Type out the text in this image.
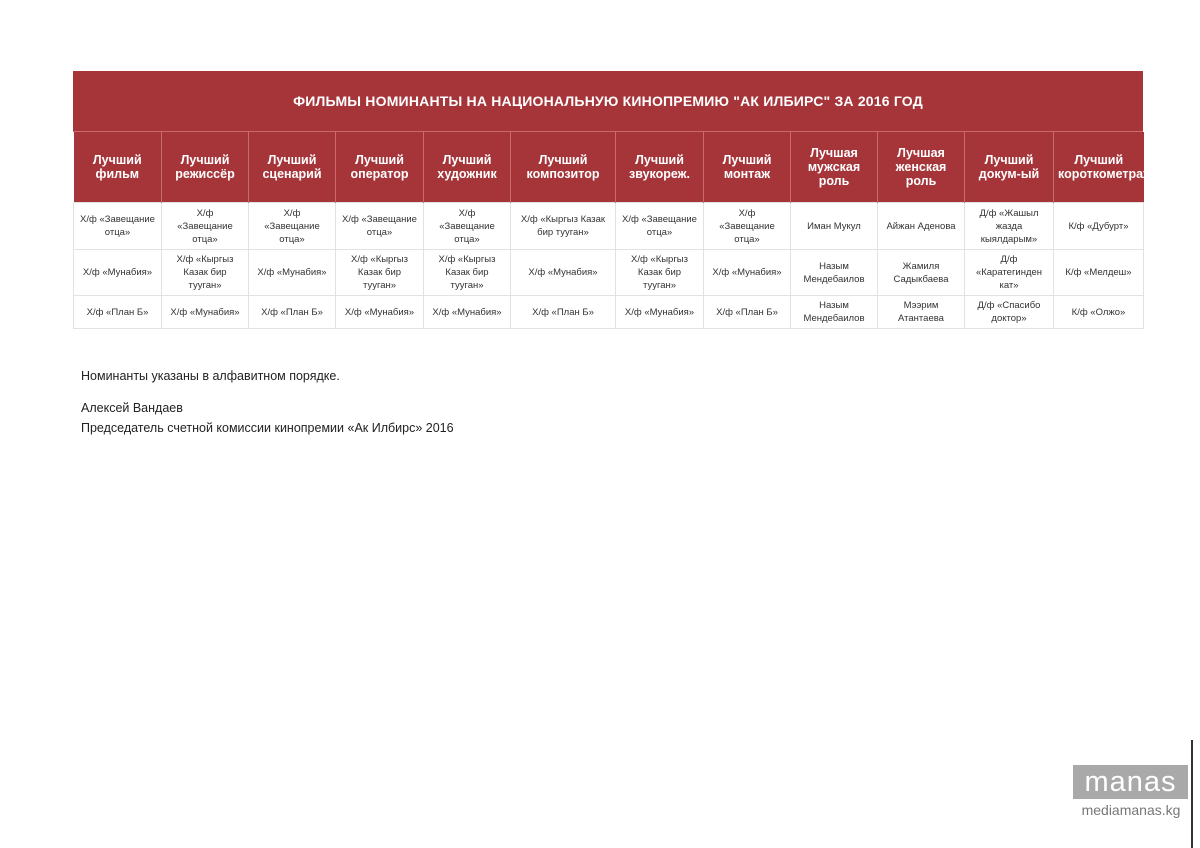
ФИЛЬМЫ НОМИНАНТЫ НА НАЦИОНАЛЬНУЮ КИНОПРЕМИЮ "АК ИЛБИРС" ЗА 2016 ГОД
Лучший фильм	Лучший режиссёр	Лучший сценарий	Лучший оператор	Лучший художник	Лучший композитор	Лучший звукореж.	Лучший монтаж	Лучшая мужская роль	Лучшая женская роль	Лучший докум-ый	Лучший короткометражный
Х/ф «Завещание отца»	Х/ф «Завещание отца»	Х/ф «Завещание отца»	Х/ф «Завещание отца»	Х/ф «Завещание отца»	Х/ф «Кыргыз Казак бир тууган»	Х/ф «Завещание отца»	Х/ф «Завещание отца»	Иман Мукул	Айжан Аденова	Д/ф «Жашыл жазда кыялдарым»	К/ф «Дубурт»
Х/ф «Мунабия»	Х/ф «Кыргыз Казак бир тууган»	Х/ф «Мунабия»	Х/ф «Кыргыз Казак бир тууган»	Х/ф «Кыргыз Казак бир тууган»	Х/ф «Мунабия»	Х/ф «Кыргыз Казак бир тууган»	Х/ф «Мунабия»	Назым Мендебаилов	Жамиля Садыкбаева	Д/ф «Каратегинден кат»	К/ф «Мелдеш»
Х/ф «План Б»	Х/ф «Мунабия»	Х/ф «План Б»	Х/ф «Мунабия»	Х/ф «Мунабия»	Х/ф «План Б»	Х/ф «Мунабия»	Х/ф «План Б»	Назым Мендебаилов	Мээрим Атантаева	Д/ф «Спасибо доктор»	К/ф «Олжо»
Номинанты указаны в алфавитном порядке.
Алексей Вандаев
Председатель счетной комиссии кинопремии «Ак Илбирс» 2016
manas
mediamanas.kg
